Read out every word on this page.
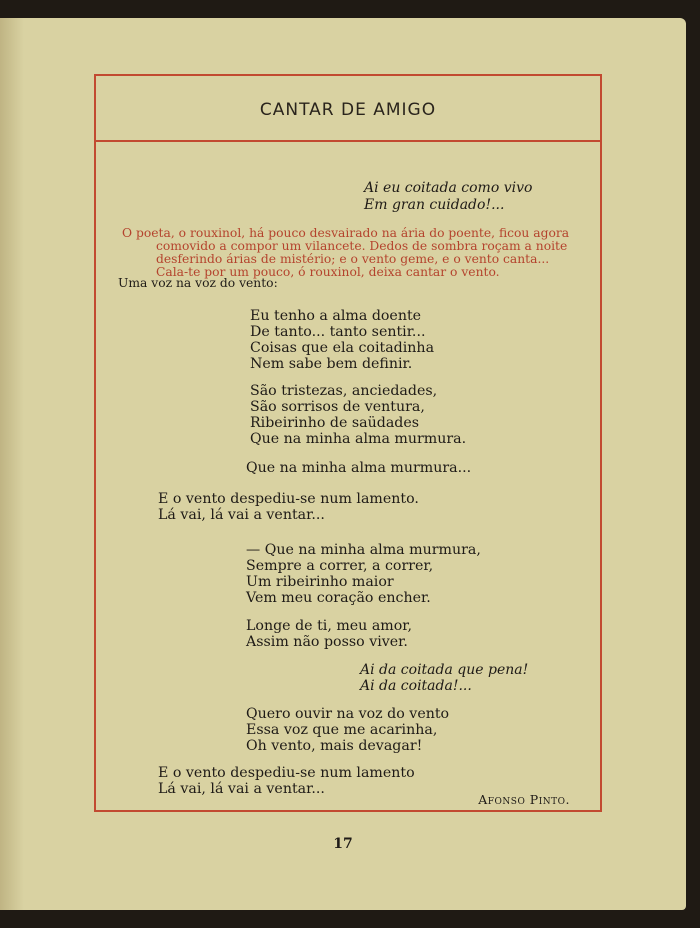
CANTAR DE AMIGO
Ai eu coitada como vivo
Em gran cuidado!...
O poeta, o rouxinol, há pouco desvairado na ária do poente, ficou agora
comovido a compor um vilancete. Dedos de sombra roçam a noite
desferindo árias de mistério; e o vento geme, e o vento canta...
Cala-te por um pouco, ó rouxinol, deixa cantar o vento.
Uma voz na voz do vento:
Eu tenho a alma doente
De tanto... tanto sentir...
Coisas que ela coitadinha
Nem sabe bem definir.
São tristezas, anciedades,
São sorrisos de ventura,
Ribeirinho de saüdades
Que na minha alma murmura.
Que na minha alma murmura...
E o vento despediu-se num lamento.
Lá vai, lá vai a ventar...
— Que na minha alma murmura,
Sempre a correr, a correr,
Um ribeirinho maior
Vem meu coração encher.
Longe de ti, meu amor,
Assim não posso viver.
Ai da coitada que pena!
Ai da coitada!...
Quero ouvir na voz do vento
Essa voz que me acarinha,
Oh vento, mais devagar!
E o vento despediu-se num lamento
Lá vai, lá vai a ventar...
Afonso Pinto.
17
